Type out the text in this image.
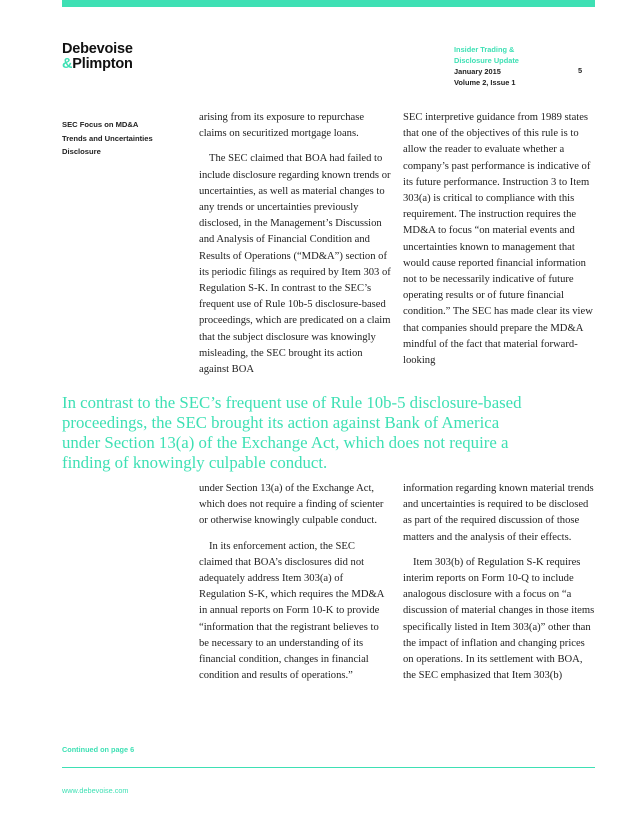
Debevoise
&Plimpton
Insider Trading &
Disclosure Update
January 2015
Volume 2, Issue 1
5
SEC Focus on MD&A
Trends and Uncertainties
Disclosure

arising from its exposure to repurchase claims on securitized mortgage loans.

The SEC claimed that BOA had failed to include disclosure regarding known trends or uncertainties, as well as material changes to any trends or uncertainties previously disclosed, in the Management’s Discussion and Analysis of Financial Condition and Results of Operations (“MD&A”) section of its periodic filings as required by Item 303 of Regulation S-K. In contrast to the SEC’s frequent use of Rule 10b-5 disclosure-based proceedings, which are predicated on a claim that the subject disclosure was knowingly misleading, the SEC brought its action against BOA

SEC interpretive guidance from 1989 states that one of the objectives of this rule is to allow the reader to evaluate whether a company’s past performance is indicative of its future performance. Instruction 3 to Item 303(a) is critical to compliance with this requirement. The instruction requires the MD&A to focus “on material events and uncertainties known to management that would cause reported financial information not to be necessarily indicative of future operating results or of future financial condition.” The SEC has made clear its view that companies should prepare the MD&A mindful of the fact that material forward-looking

In contrast to the SEC’s frequent use of Rule 10b-5 disclosure-based proceedings, the SEC brought its action against Bank of America under Section 13(a) of the Exchange Act, which does not require a finding of knowingly culpable conduct.

under Section 13(a) of the Exchange Act, which does not require a finding of scienter or otherwise knowingly culpable conduct.

In its enforcement action, the SEC claimed that BOA’s disclosures did not adequately address Item 303(a) of Regulation S-K, which requires the MD&A in annual reports on Form 10-K to provide “information that the registrant believes to be necessary to an understanding of its financial condition, changes in financial condition and results of operations.”

information regarding known material trends and uncertainties is required to be disclosed as part of the required discussion of those matters and the analysis of their effects.

Item 303(b) of Regulation S-K requires interim reports on Form 10-Q to include analogous disclosure with a focus on “a discussion of material changes in those items specifically listed in Item 303(a)” other than the impact of inflation and changing prices on operations. In its settlement with BOA, the SEC emphasized that Item 303(b)

Continued on page 6
www.debevoise.com
